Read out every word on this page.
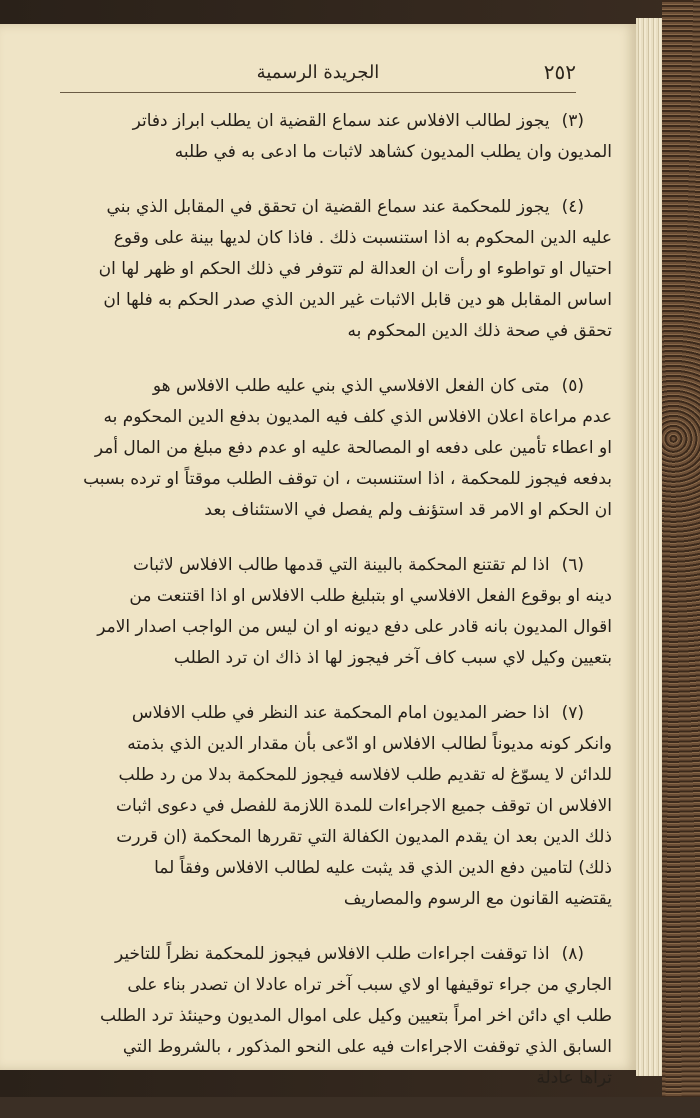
الجريدة الرسمية	٢٥٢
(٣)يجوز لطالب الافلاس عند سماع القضية ان يطلب ابراز دفاتر
المديون وان يطلب المديون كشاهد لاثبات ما ادعى به في طلبه
(٤)يجوز للمحكمة عند سماع القضية ان تحقق في المقابل الذي بني
عليه الدين المحكوم به اذا استنسبت ذلك . فاذا كان لديها بينة على وقوع
احتيال او تواطوء او رأت ان العدالة لم تتوفر في ذلك الحكم او ظهر لها ان
اساس المقابل هو دين قابل الاثبات غير الدين الذي صدر الحكم به فلها ان
تحقق في صحة ذلك الدين المحكوم به
(٥)متى كان الفعل الافلاسي الذي بني عليه طلب الافلاس هو
عدم مراعاة اعلان الافلاس الذي كلف فيه المديون بدفع الدين المحكوم به
او اعطاء تأمين على دفعه او المصالحة عليه او عدم دفع مبلغ من المال أمر
بدفعه فيجوز للمحكمة ، اذا استنسبت ، ان توقف الطلب موقتاً او ترده بسبب
ان الحكم او الامر قد استؤنف ولم يفصل في الاستئناف بعد
(٦)اذا لم تقتنع المحكمة بالبينة التي قدمها طالب الافلاس لاثبات
دينه او بوقوع الفعل الافلاسي او بتبليغ طلب الافلاس او اذا اقتنعت من
اقوال المديون بانه قادر على دفع ديونه او ان ليس من الواجب اصدار الامر
بتعيين وكيل لاي سبب كاف آخر فيجوز لها اذ ذاك ان ترد الطلب
(٧)اذا حضر المديون امام المحكمة عند النظر في طلب الافلاس
وانكر كونه مديوناً لطالب الافلاس او ادّعى بأن مقدار الدين الذي بذمته
للدائن لا يسوّغ له تقديم طلب لافلاسه فيجوز للمحكمة بدلا من رد طلب
الافلاس ان توقف جميع الاجراءات للمدة اللازمة للفصل في دعوى اثبات
ذلك الدين بعد ان يقدم المديون الكفالة التي تقررها المحكمة (ان قررت
ذلك) لتامين دفع الدين الذي قد يثبت عليه لطالب الافلاس وفقاً لما
يقتضيه القانون مع الرسوم والمصاريف
(٨)اذا توقفت اجراءات طلب الافلاس فيجوز للمحكمة نظراً للتاخير
الجاري من جراء توقيفها او لاي سبب آخر تراه عادلا ان تصدر بناء على
طلب اي دائن اخر امراً بتعيين وكيل على اموال المديون وحينئذ ترد الطلب
السابق الذي توقفت الاجراءات فيه على النحو المذكور ، بالشروط التي
تراها عادلة
